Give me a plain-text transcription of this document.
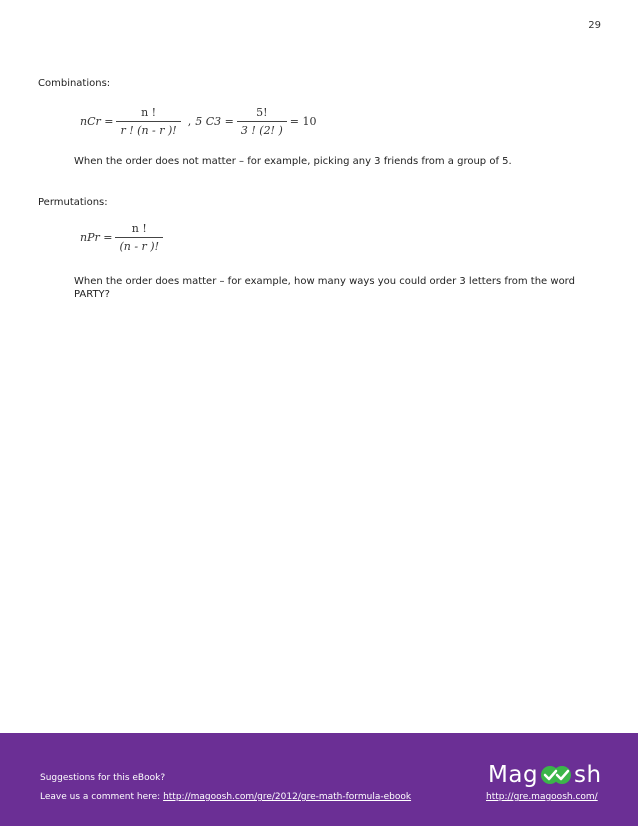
29
Combinations:
nCr = $\frac{n !}{r ! (n - r )!}$ , 5 $C3 = \frac{5!}{3 ! (2! )} = 10$
When the order does not matter – for example, picking any 3 friends from a group of 5.
Permutations:
nPr = $\frac{n !}{(n - r )!}$
When the order does matter – for example, how many ways you could order 3 letters from the word PARTY?
Suggestions for this eBook?
Leave us a comment here: http://magoosh.com/gre/2012/gre-math-formula-ebook
Mag sh
http://gre.magoosh.com/
